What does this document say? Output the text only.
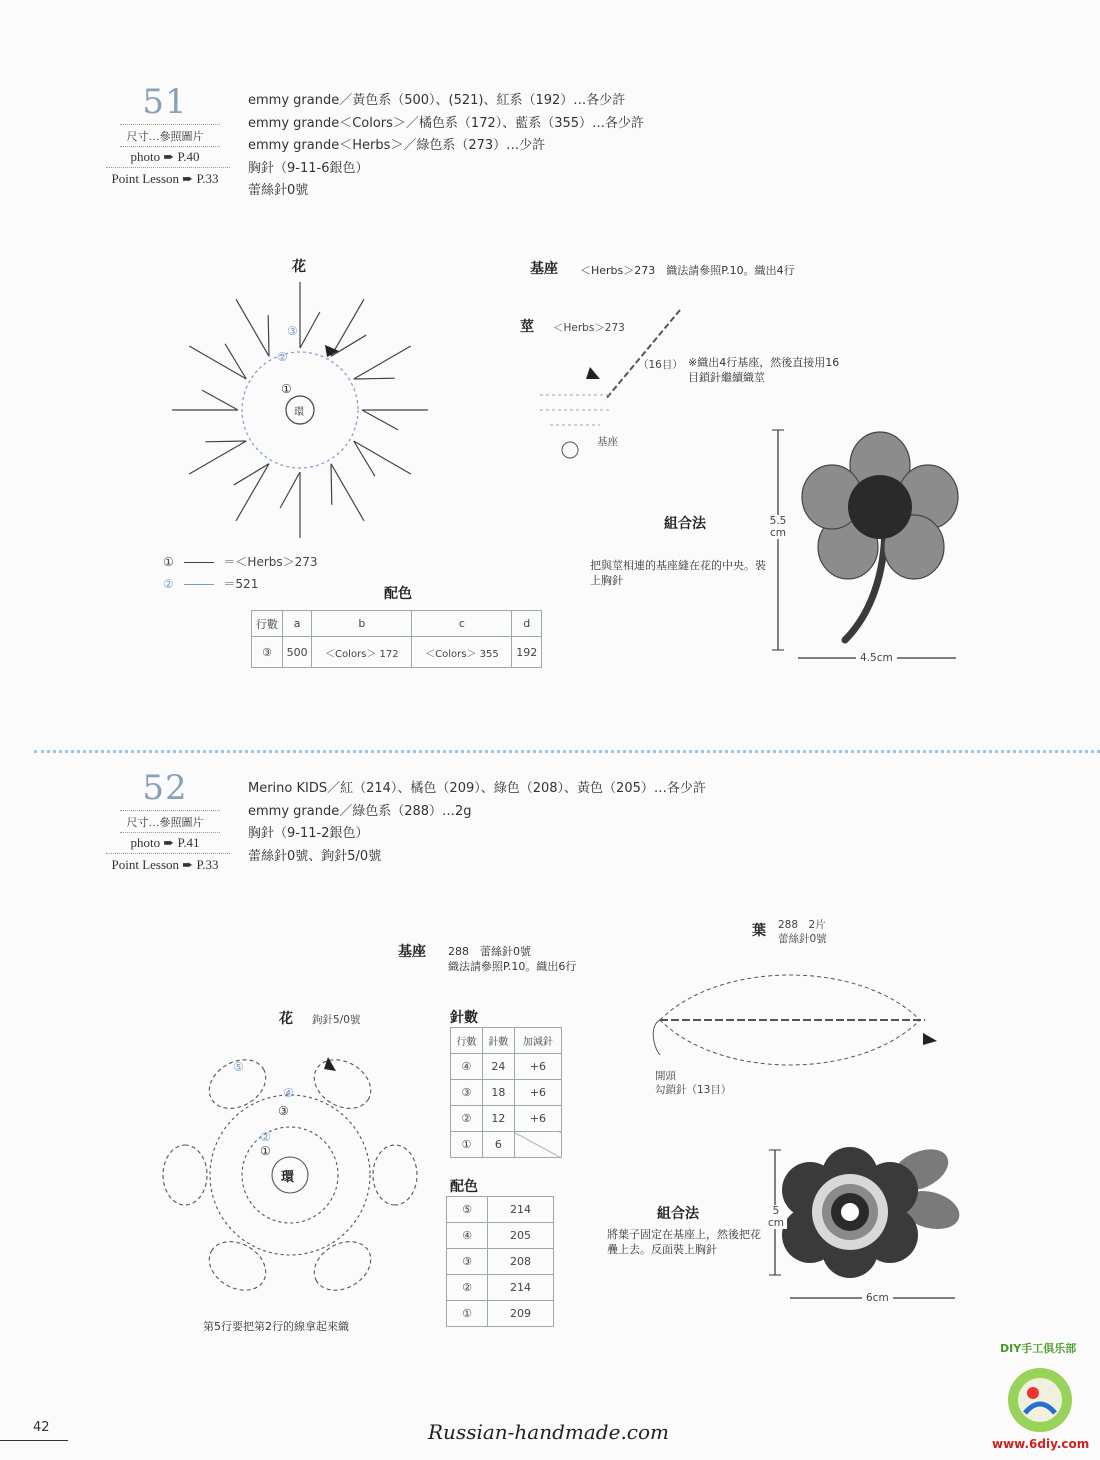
51
尺寸…參照圖片
photo ➨ P.40
Point Lesson ➨ P.33
emmy grande／黃色系（500）、(521)、紅系（192）…各少許
emmy grande＜Colors＞／橘色系（172）、藍系（355）…各少許
emmy grande＜Herbs＞／綠色系（273）…少許
胸針（9-11-6銀色）
蕾絲針0號
花
環
③
②
①
①	＝＜Herbs＞273
②	＝521
配色
行數	a	b	c	d
③	500	＜Colors＞ 172	＜Colors＞ 355	192
基座 ＜Herbs＞273　織法請參照P.10。織出4行
莖 ＜Herbs＞273
（16目） ※織出4行基座，然後直接用16目鎖針繼續織莖
基座
組合法
把與莖相連的基座縫在花的中央。裝上胸針
5.5 cm
4.5cm
52
尺寸…參照圖片
photo ➨ P.41
Point Lesson ➨ P.33
Merino KIDS／紅（214）、橘色（209）、綠色（208）、黃色（205）…各少許
emmy grande／綠色系（288）…2g
胸針（9-11-2銀色）
蕾絲針0號、鉤針5/0號
基座 288　蕾絲針0號
織法請參照P.10。織出6行
花 鉤針5/0號
環
①
②
③
④
⑤
第5行要把第2行的線拿起來織
針數
行數	針數	加減針
④	24	+6
③	18	+6
②	12	+6
①	6	
配色
⑤	214
④	205
③	208
②	214
①	209
葉 288　2片
蕾絲針0號
開頭
勾鎖針（13目）
組合法
將葉子固定在基座上，然後把花疊上去。反面裝上胸針
5 cm
6cm
42	Russian-handmade.com
DIY手工俱乐部
www.6diy.com
